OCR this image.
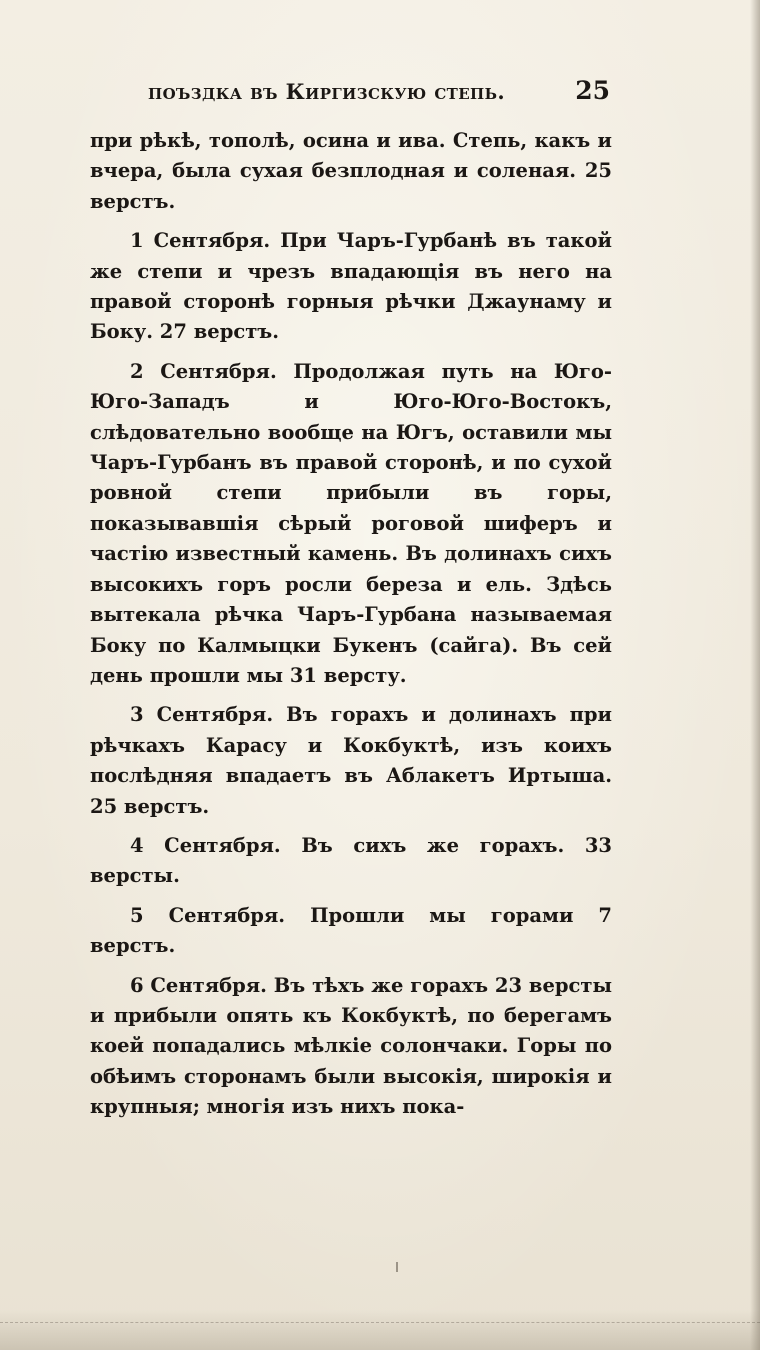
поъздка въ Киргизскую степь.	25

при рѣкѣ, тополѣ, осина и ива. Степь, какъ и вчера, была сухая безплодная и соленая. 25 верстъ.

1 Сентября. При Чаръ-Гурбанѣ въ такой же степи и чрезъ впадающія въ него на правой сторонѣ горныя рѣчки Джаунаму и Боку. 27 верстъ.

2 Сентября. Продолжая путь на Юго-Юго-Западъ и Юго-Юго-Востокъ, слѣдовательно вообще на Югъ, оставили мы Чаръ-Гурбанъ въ правой сторонѣ, и по сухой ровной степи прибыли въ горы, показывавшія сѣрый роговой шиферъ и частію известный камень. Въ долинахъ сихъ высокихъ горъ росли береза и ель. Здѣсь вытекала рѣчка Чаръ-Гурбана называемая Боку по Калмыцки Букенъ (сайга). Въ сей день прошли мы 31 версту.

3 Сентября. Въ горахъ и долинахъ при рѣчкахъ Карасу и Кокбуктѣ, изъ коихъ послѣдняя впадаетъ въ Аблакетъ Иртыша. 25 верстъ.

4 Сентября. Въ сихъ же горахъ. 33 версты.

5 Сентября. Прошли мы горами 7 верстъ.

6 Сентября. Въ тѣхъ же горахъ 23 версты и прибыли опять къ Кокбуктѣ, по берегамъ коей попадались мѣлкіе солончаки. Горы по обѣимъ сторонамъ были высокія, широкія и крупныя; многія изъ нихъ пока-
